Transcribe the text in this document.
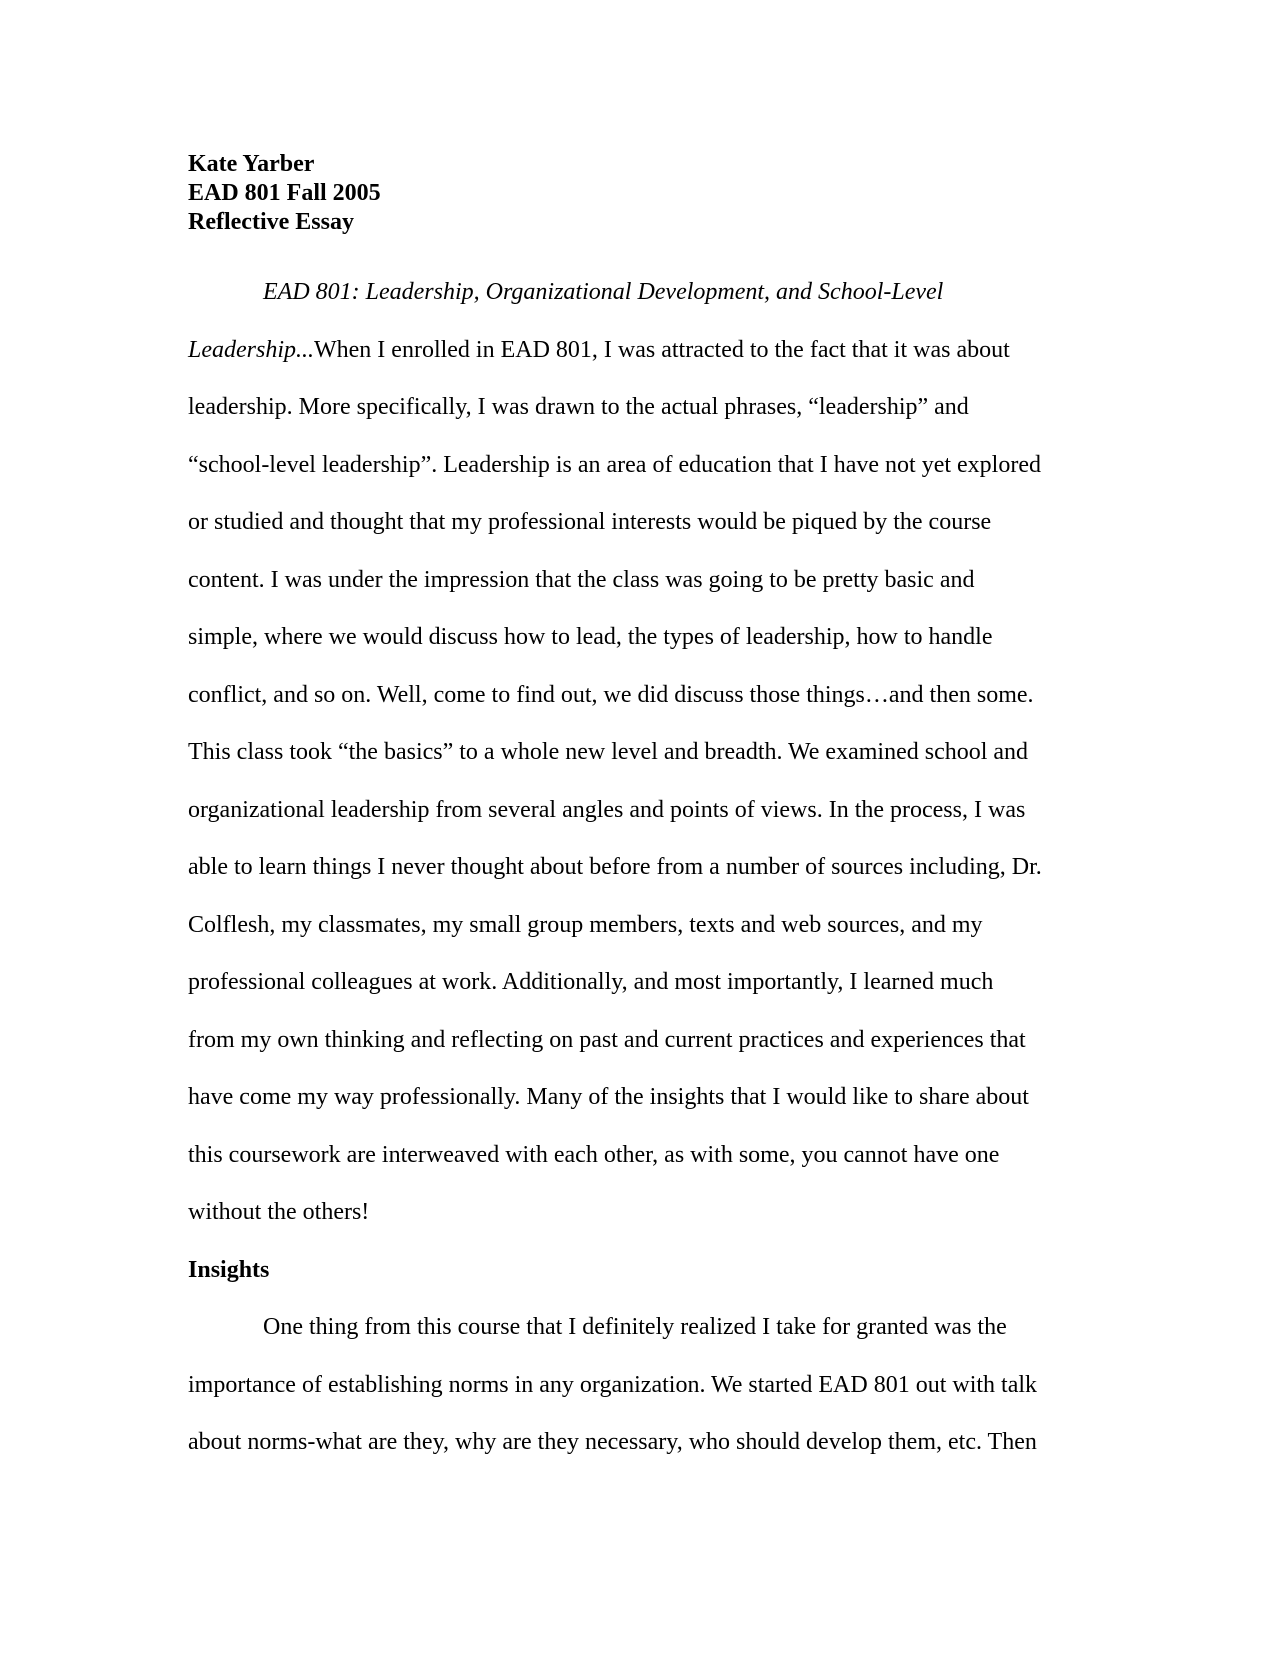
Kate Yarber

EAD 801 Fall 2005

Reflective Essay

EAD 801: Leadership, Organizational Development, and School-Level

Leadership...When I enrolled in EAD 801, I was attracted to the fact that it was about

leadership. More specifically, I was drawn to the actual phrases, “leadership” and

“school-level leadership”. Leadership is an area of education that I have not yet explored

or studied and thought that my professional interests would be piqued by the course

content. I was under the impression that the class was going to be pretty basic and

simple, where we would discuss how to lead, the types of leadership, how to handle

conflict, and so on. Well, come to find out, we did discuss those things…and then some.

This class took “the basics” to a whole new level and breadth. We examined school and

organizational leadership from several angles and points of views. In the process, I was

able to learn things I never thought about before from a number of sources including, Dr.

Colflesh, my classmates, my small group members, texts and web sources, and my

professional colleagues at work. Additionally, and most importantly, I learned much

from my own thinking and reflecting on past and current practices and experiences that

have come my way professionally. Many of the insights that I would like to share about

this coursework are interweaved with each other, as with some, you cannot have one

without the others!

Insights

One thing from this course that I definitely realized I take for granted was the

importance of establishing norms in any organization. We started EAD 801 out with talk

about norms-what are they, why are they necessary, who should develop them, etc. Then
